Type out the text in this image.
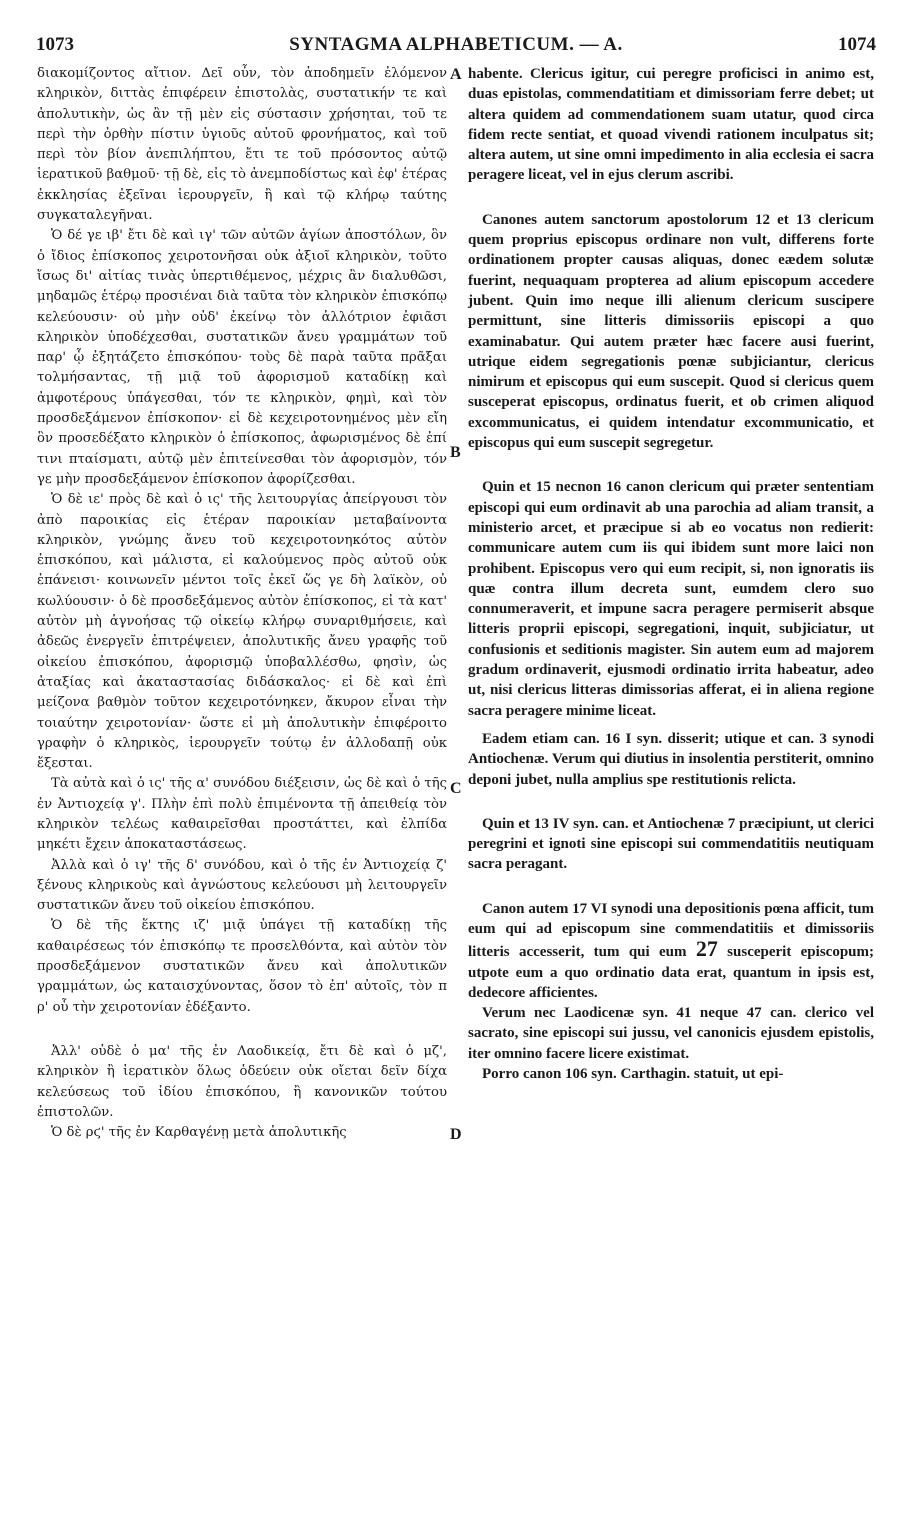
1073	SYNTAGMA ALPHABETICUM. — A.	1074
A
B
C
D

διακομίζοντος αἴτιον. Δεῖ οὖν, τὸν ἀποδημεῖν ἐλόμενον κληρικὸν, διττὰς ἐπιφέρειν ἐπιστολὰς, συστατικήν τε καὶ ἀπολυτικὴν, ὡς ἂν τῇ μὲν εἰς σύστασιν χρήσηται, τοῦ τε περὶ τὴν ὀρθὴν πίστιν ὑγιοῦς αὐτοῦ φρονήματος, καὶ τοῦ περὶ τὸν βίον ἀνεπιλήπτου, ἔτι τε τοῦ πρόσοντος αὐτῷ ἱερατικοῦ βαθμοῦ· τῇ δὲ, εἰς τὸ ἀνεμποδίστως καὶ ἐφ' ἑτέρας ἐκκλησίας ἐξεῖναι ἱερουργεῖν, ἢ καὶ τῷ κλήρῳ ταύτης συγκαταλεγῆναι.

Ὁ δέ γε ιβ' ἔτι δὲ καὶ ιγ' τῶν αὐτῶν ἁγίων ἀποστόλων, ὃν ὁ ἴδιος ἐπίσκοπος χειροτονῆσαι οὐκ ἀξιοῖ κληρικὸν, τοῦτο ἴσως δι' αἰτίας τινὰς ὑπερτιθέμενος, μέχρις ἂν διαλυθῶσι, μηδαμῶς ἑτέρῳ προσιέναι διὰ ταῦτα τὸν κληρικὸν ἐπισκόπῳ κελεύουσιν· οὐ μὴν οὐδ' ἐκείνῳ τὸν ἀλλότριον ἐφιᾶσι κληρικὸν ὑποδέχεσθαι, συστατικῶν ἄνευ γραμμάτων τοῦ παρ' ᾧ ἐξητάζετο ἐπισκόπου· τοὺς δὲ παρὰ ταῦτα πρᾶξαι τολμήσαντας, τῇ μιᾷ τοῦ ἀφορισμοῦ καταδίκῃ καὶ ἀμφοτέρους ὑπάγεσθαι, τόν τε κληρικὸν, φημὶ, καὶ τὸν προσδεξάμενον ἐπίσκοπον· εἰ δὲ κεχειροτονημένος μὲν εἴη ὃν προσεδέξατο κληρικὸν ὁ ἐπίσκοπος, ἀφωρισμένος δὲ ἐπί τινι πταίσματι, αὐτῷ μὲν ἐπιτείνεσθαι τὸν ἀφορισμὸν, τόν γε μὴν προσδεξάμενον ἐπίσκοπον ἀφορίζεσθαι.

Ὁ δὲ ιε' πρὸς δὲ καὶ ὁ ις' τῆς λειτουργίας ἀπείργουσι τὸν ἀπὸ παροικίας εἰς ἑτέραν παροικίαν μεταβαίνοντα κληρικὸν, γνώμης ἄνευ τοῦ κεχειροτονηκότος αὐτὸν ἐπισκόπου, καὶ μάλιστα, εἰ καλούμενος πρὸς αὐτοῦ οὐκ ἐπάνεισι· κοινωνεῖν μέντοι τοῖς ἐκεῖ ὥς γε δὴ λαϊκὸν, οὐ κωλύουσιν· ὁ δὲ προσδεξάμενος αὐτὸν ἐπίσκοπος, εἰ τὰ κατ' αὐτὸν μὴ ἀγνοήσας τῷ οἰκείῳ κλήρῳ συναριθμήσειε, καὶ ἀδεῶς ἐνεργεῖν ἐπιτρέψειεν, ἀπολυτικῆς ἄνευ γραφῆς τοῦ οἰκείου ἐπισκόπου, ἀφορισμῷ ὑποβαλλέσθω, φησὶν, ὡς ἀταξίας καὶ ἀκαταστασίας διδάσκαλος· εἰ δὲ καὶ ἐπὶ μείζονα βαθμὸν τοῦτον κεχειροτόνηκεν, ἄκυρον εἶναι τὴν τοιαύτην χειροτονίαν· ὥστε εἰ μὴ ἀπολυτικὴν ἐπιφέροιτο γραφὴν ὁ κληρικὸς, ἱερουργεῖν τούτῳ ἐν ἀλλοδαπῇ οὐκ ἔξεσται.

Τὰ αὐτὰ καὶ ὁ ις' τῆς α' συνόδου διέξεισιν, ὡς δὲ καὶ ὁ τῆς ἐν Ἀντιοχείᾳ γ'. Πλὴν ἐπὶ πολὺ ἐπιμένοντα τῇ ἀπειθείᾳ τὸν κληρικὸν τελέως καθαιρεῖσθαι προστάττει, καὶ ἐλπίδα μηκέτι ἔχειν ἀποκαταστάσεως.

Ἀλλὰ καὶ ὁ ιγ' τῆς δ' συνόδου, καὶ ὁ τῆς ἐν Ἀντιοχείᾳ ζ' ξένους κληρικοὺς καὶ ἀγνώστους κελεύουσι μὴ λειτουργεῖν συστατικῶν ἄνευ τοῦ οἰκείου ἐπισκόπου.

Ὁ δὲ τῆς ἕκτης ιζ' μιᾷ ὑπάγει τῇ καταδίκῃ τῆς καθαιρέσεως τόν ἐπισκόπῳ τε προσελθόντα, καὶ αὐτὸν τὸν προσδεξάμενον συστατικῶν ἄνευ καὶ ἀπολυτικῶν γραμμάτων, ὡς καταισχύνοντας, ὅσον τὸ ἐπ' αὐτοῖς, τὸν π ρ' οὗ τὴν χειροτονίαν ἐδέξαντο.

Ἀλλ' οὐδὲ ὁ μα' τῆς ἐν Λαοδικείᾳ, ἔτι δὲ καὶ ὁ μζ', κληρικὸν ἢ ἱερατικὸν ὅλως ὁδεύειν οὐκ οἴεται δεῖν δίχα κελεύσεως τοῦ ἰδίου ἐπισκόπου, ἢ κανονικῶν τούτου ἐπιστολῶν.

Ὁ δὲ ρϛ' τῆς ἐν Καρθαγένῃ μετὰ ἀπολυτικῆς

habente. Clericus igitur, cui peregre proficisci in animo est, duas epistolas, commendatitiam et dimissoriam ferre debet; ut altera quidem ad commendationem suam utatur, quod circa fidem recte sentiat, et quoad vivendi rationem inculpatus sit; altera autem, ut sine omni impedimento in alia ecclesia ei sacra peragere liceat, vel in ejus clerum ascribi.

Canones autem sanctorum apostolorum 12 et 13 clericum quem proprius episcopus ordinare non vult, differens forte ordinationem propter causas aliquas, donec eædem solutæ fuerint, nequaquam propterea ad alium episcopum accedere jubent. Quin imo neque illi alienum clericum suscipere permittunt, sine litteris dimissoriis episcopi a quo examinabatur. Qui autem præter hæc facere ausi fuerint, utrique eidem segregationis pœnæ subjiciantur, clericus nimirum et episcopus qui eum suscepit. Quod si clericus quem susceperat episcopus, ordinatus fuerit, et ob crimen aliquod excommunicatus, ei quidem intendatur excommunicatio, et episcopus qui eum suscepit segregetur.

Quin et 15 necnon 16 canon clericum qui præter sententiam episcopi qui eum ordinavit ab una parochia ad aliam transit, a ministerio arcet, et præcipue si ab eo vocatus non redierit: communicare autem cum iis qui ibidem sunt more laici non prohibent. Episcopus vero qui eum recipit, si, non ignoratis iis quæ contra illum decreta sunt, eumdem clero suo connumeraverit, et impune sacra peragere permiserit absque litteris proprii episcopi, segregationi, inquit, subjiciatur, ut confusionis et seditionis magister. Sin autem eum ad majorem gradum ordinaverit, ejusmodi ordinatio irrita habeatur, adeo ut, nisi clericus litteras dimissorias afferat, ei in aliena regione sacra peragere minime liceat.

Eadem etiam can. 16 I syn. disserit; utique et can. 3 synodi Antiochenæ. Verum qui diutius in insolentia perstiterit, omnino deponi jubet, nulla amplius spe restitutionis relicta.

Quin et 13 IV syn. can. et Antiochenæ 7 præcipiunt, ut clerici peregrini et ignoti sine episcopi sui commendatitiis neutiquam sacra peragant.

Canon autem 17 VI synodi una depositionis pœna afficit, tum eum qui ad episcopum sine commendatitiis et dimissoriis litteris accesserit, tum qui eum 27 susceperit episcopum; utpote eum a quo ordinatio data erat, quantum in ipsis est, dedecore afficientes.

Verum nec Laodicenæ syn. 41 neque 47 can. clerico vel sacrato, sine episcopi sui jussu, vel canonicis ejusdem epistolis, iter omnino facere licere existimat.

Porro canon 106 syn. Carthagin. statuit, ut epi-
